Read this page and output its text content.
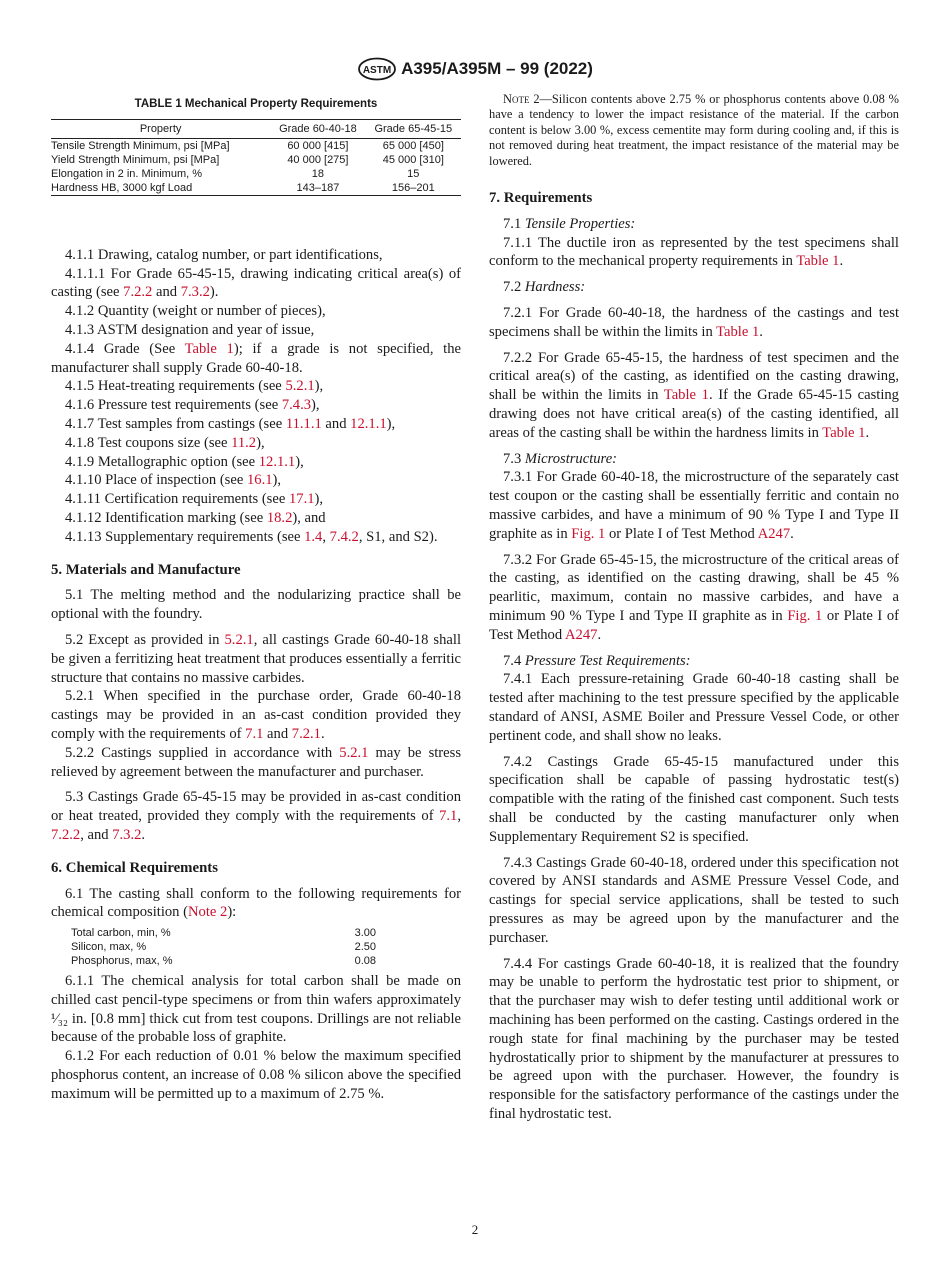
ASTM A395/A395M – 99 (2022)
TABLE 1 Mechanical Property Requirements
Property	Grade 60-40-18	Grade 65-45-15
Tensile Strength Minimum, psi [MPa]	60 000 [415]	65 000 [450]
Yield Strength Minimum, psi [MPa]	40 000 [275]	45 000 [310]
Elongation in 2 in. Minimum, %	18	15
Hardness HB, 3000 kgf Load	143–187	156–201

4.1.1 Drawing, catalog number, or part identifications,

4.1.1.1 For Grade 65-45-15, drawing indicating critical area(s) of casting (see 7.2.2 and 7.3.2).

4.1.2 Quantity (weight or number of pieces),

4.1.3 ASTM designation and year of issue,

4.1.4 Grade (See Table 1); if a grade is not specified, the manufacturer shall supply Grade 60-40-18.

4.1.5 Heat-treating requirements (see 5.2.1),

4.1.6 Pressure test requirements (see 7.4.3),

4.1.7 Test samples from castings (see 11.1.1 and 12.1.1),

4.1.8 Test coupons size (see 11.2),

4.1.9 Metallographic option (see 12.1.1),

4.1.10 Place of inspection (see 16.1),

4.1.11 Certification requirements (see 17.1),

4.1.12 Identification marking (see 18.2), and

4.1.13 Supplementary requirements (see 1.4, 7.4.2, S1, and S2).

5. Materials and Manufacture

5.1 The melting method and the nodularizing practice shall be optional with the foundry.

5.2 Except as provided in 5.2.1, all castings Grade 60-40-18 shall be given a ferritizing heat treatment that produces essentially a ferritic structure that contains no massive carbides.

5.2.1 When specified in the purchase order, Grade 60-40-18 castings may be provided in an as-cast condition provided they comply with the requirements of 7.1 and 7.2.1.

5.2.2 Castings supplied in accordance with 5.2.1 may be stress relieved by agreement between the manufacturer and purchaser.

5.3 Castings Grade 65-45-15 may be provided in as-cast condition or heat treated, provided they comply with the requirements of 7.1, 7.2.2, and 7.3.2.

6. Chemical Requirements

6.1 The casting shall conform to the following requirements for chemical composition (Note 2):

Total carbon, min, %	3.00
Silicon, max, %	2.50
Phosphorus, max, %	0.08

6.1.1 The chemical analysis for total carbon shall be made on chilled cast pencil-type specimens or from thin wafers approximately ¹⁄₃₂ in. [0.8 mm] thick cut from test coupons. Drillings are not reliable because of the probable loss of graphite.

6.1.2 For each reduction of 0.01 % below the maximum specified phosphorus content, an increase of 0.08 % silicon above the specified maximum will be permitted up to a maximum of 2.75 %.

Note 2—Silicon contents above 2.75 % or phosphorus contents above 0.08 % have a tendency to lower the impact resistance of the material. If the carbon content is below 3.00 %, excess cementite may form during cooling and, if this is not removed during heat treatment, the impact resistance of the material may be lowered.

7. Requirements

7.1 Tensile Properties:

7.1.1 The ductile iron as represented by the test specimens shall conform to the mechanical property requirements in Table 1.

7.2 Hardness:

7.2.1 For Grade 60-40-18, the hardness of the castings and test specimens shall be within the limits in Table 1.

7.2.2 For Grade 65-45-15, the hardness of test specimen and the critical area(s) of the casting, as identified on the casting drawing, shall be within the limits in Table 1. If the Grade 65-45-15 casting drawing does not have critical area(s) of the casting identified, all areas of the casting shall be within the hardness limits in Table 1.

7.3 Microstructure:

7.3.1 For Grade 60-40-18, the microstructure of the separately cast test coupon or the casting shall be essentially ferritic and contain no massive carbides, and have a minimum of 90 % Type I and Type II graphite as in Fig. 1 or Plate I of Test Method A247.

7.3.2 For Grade 65-45-15, the microstructure of the critical areas of the casting, as identified on the casting drawing, shall be 45 % pearlitic, maximum, contain no massive carbides, and have a minimum 90 % Type I and Type II graphite as in Fig. 1 or Plate I of Test Method A247.

7.4 Pressure Test Requirements:

7.4.1 Each pressure-retaining Grade 60-40-18 casting shall be tested after machining to the test pressure specified by the applicable standard of ANSI, ASME Boiler and Pressure Vessel Code, or other pertinent code, and shall show no leaks.

7.4.2 Castings Grade 65-45-15 manufactured under this specification shall be capable of passing hydrostatic test(s) compatible with the rating of the finished cast component. Such tests shall be conducted by the casting manufacturer only when Supplementary Requirement S2 is specified.

7.4.3 Castings Grade 60-40-18, ordered under this specification not covered by ANSI standards and ASME Pressure Vessel Code, and castings for special service applications, shall be tested to such pressures as may be agreed upon by the manufacturer and the purchaser.

7.4.4 For castings Grade 60-40-18, it is realized that the foundry may be unable to perform the hydrostatic test prior to shipment, or that the purchaser may wish to defer testing until additional work or machining has been performed on the casting. Castings ordered in the rough state for final machining by the purchaser may be tested hydrostatically prior to shipment by the manufacturer at pressures to be agreed upon with the purchaser. However, the foundry is responsible for the satisfactory performance of the castings under the final hydrostatic test.

2
